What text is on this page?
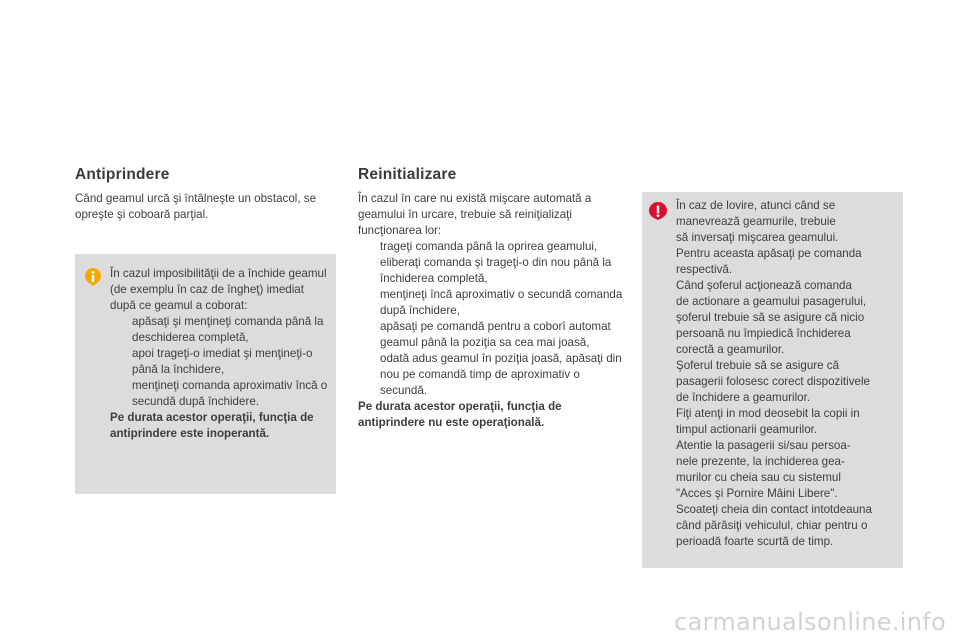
Antiprindere

Când geamul urcă şi întâlneşte un obstacol, se opreşte şi coboară parţial.

În cazul imposibilităţii de a închide geamul (de exemplu în caz de îngheţ) imediat după ce geamul a coborat:
apăsaţi şi menţineţi comanda până la deschiderea completă,
apoi trageţi-o imediat şi menţineţi-o până la închidere,
menţineţi comanda aproximativ încă o secundă după închidere.
Pe durata acestor operaţii, funcţia de antiprindere este inoperantă.
Reinitializare
În cazul în care nu există mişcare automată a geamului în urcare, trebuie să reiniţializaţi funcţionarea lor:
trageţi comanda până la oprirea geamului,
eliberaţi comanda şi trageţi-o din nou până la închiderea completă,
menţineţi încă aproximativ o secundă comanda după închidere,
apăsaţi pe comandă pentru a coborî automat geamul până la poziţia sa cea mai joasă,
odată adus geamul în poziţia joasă, apăsaţi din nou pe comandă timp de aproximativ o secundă.
Pe durata acestor operaţii, funcţia de antiprindere nu este operaţională.
În caz de lovire, atunci când se
manevrează geamurile, trebuie
să inversaţi mişcarea geamului.
Pentru aceasta apăsaţi pe comanda
respectivă.
Când şoferul acţionează comanda
de actionare a geamului pasagerului,
şoferul trebuie să se asigure că nicio
persoană nu împiedică închiderea
corectă a geamurilor.
Şoferul trebuie să se asigure că
pasagerii folosesc corect dispozitivele
de închidere a geamurilor.
Fiţi atenţi in mod deosebit la copii in
timpul actionarii geamurilor.
Atentie la pasagerii si/sau persoa-
nele prezente, la inchiderea gea-
murilor cu cheia sau cu sistemul
"Acces şi Pornire Mâini Libere".
Scoateţi cheia din contact intotdeauna
când părăsiţi vehiculul, chiar pentru o
perioadă foarte scurtă de timp.
carmanualsonline.info
